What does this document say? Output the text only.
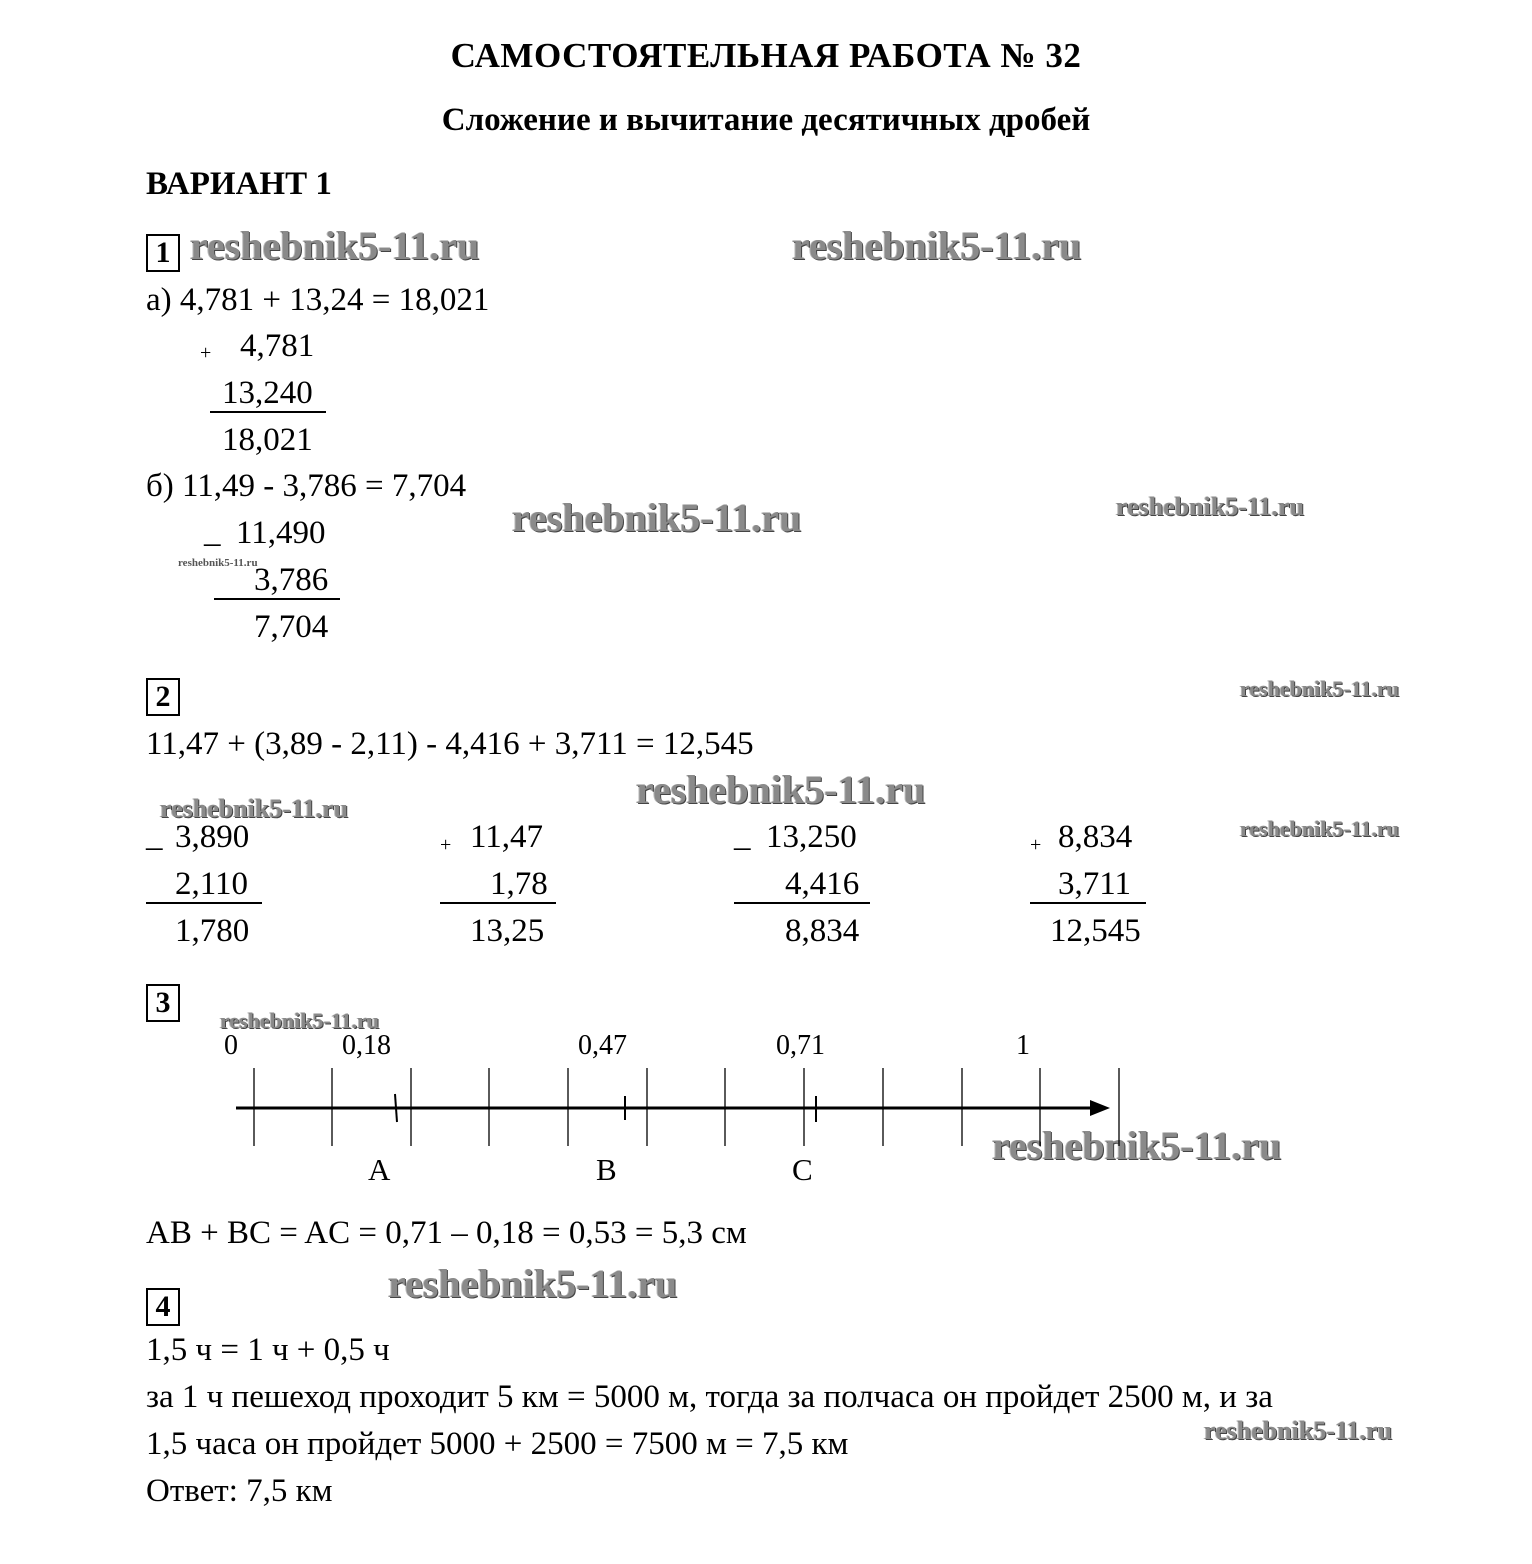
САМОСТОЯТЕЛЬНАЯ РАБОТА № 32
Сложение и вычитание десятичных дробей
ВАРИАНТ 1
reshebnik5-11.ru	reshebnik5-11.ru
reshebnik5-11.ru	reshebnik5-11.ru
reshebnik5-11.ru
reshebnik5-11.ru
reshebnik5-11.ru
reshebnik5-11.ru
reshebnik5-11.ru
reshebnik5-11.ru
reshebnik5-11.ru
reshebnik5-11.ru
reshebnik5-11.ru
1
а) 4,781 + 13,24 = 18,021
+ 4,781
13,240
18,021
б) 11,49 - 3,786 = 7,704
_ 11,490
3,786
7,704
2
11,47 + (3,89 - 2,11) - 4,416 + 3,711 = 12,545
_ 3,890
2,110
1,780
+ 11,47
1,78
13,25
_ 13,250
4,416
8,834
+ 8,834
3,711
12,545
3
0	0,18	0,47	0,71	1
A	B	C
AB + BC = AC = 0,71 – 0,18 = 0,53 = 5,3 см
4
1,5 ч = 1 ч + 0,5 ч
за 1 ч пешеход проходит 5 км = 5000 м, тогда за полчаса он пройдет 2500 м, и за
1,5 часа он пройдет 5000 + 2500 = 7500 м = 7,5 км
Ответ: 7,5 км
